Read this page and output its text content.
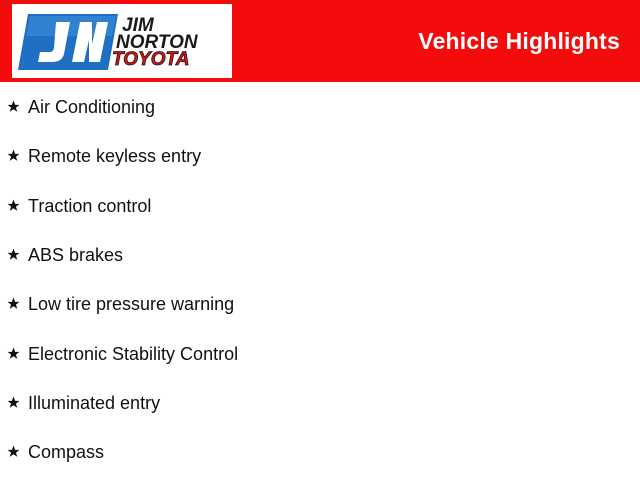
JIM
NORTON
TOYOTA
Vehicle Highlights
Air Conditioning
Remote keyless entry
Traction control
ABS brakes
Low tire pressure warning
Electronic Stability Control
Illuminated entry
Compass
